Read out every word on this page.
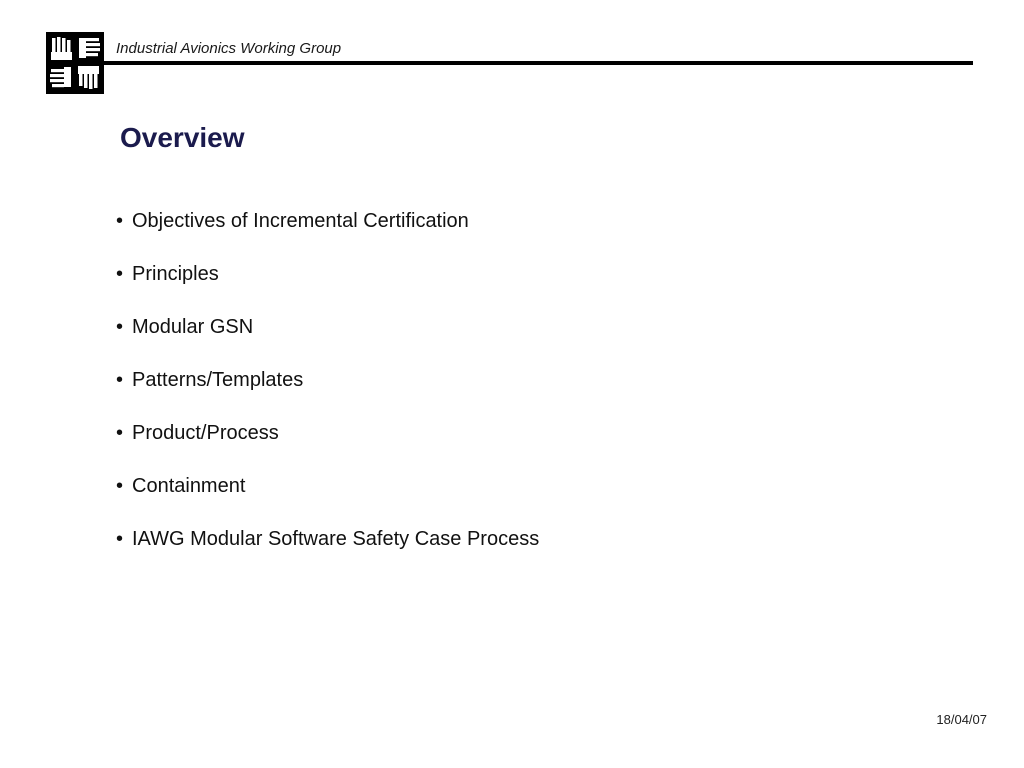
Industrial Avionics Working Group
Overview
• Objectives of Incremental Certification
• Principles
• Modular GSN
• Patterns/Templates
• Product/Process
• Containment
• IAWG Modular Software Safety Case Process
18/04/07
